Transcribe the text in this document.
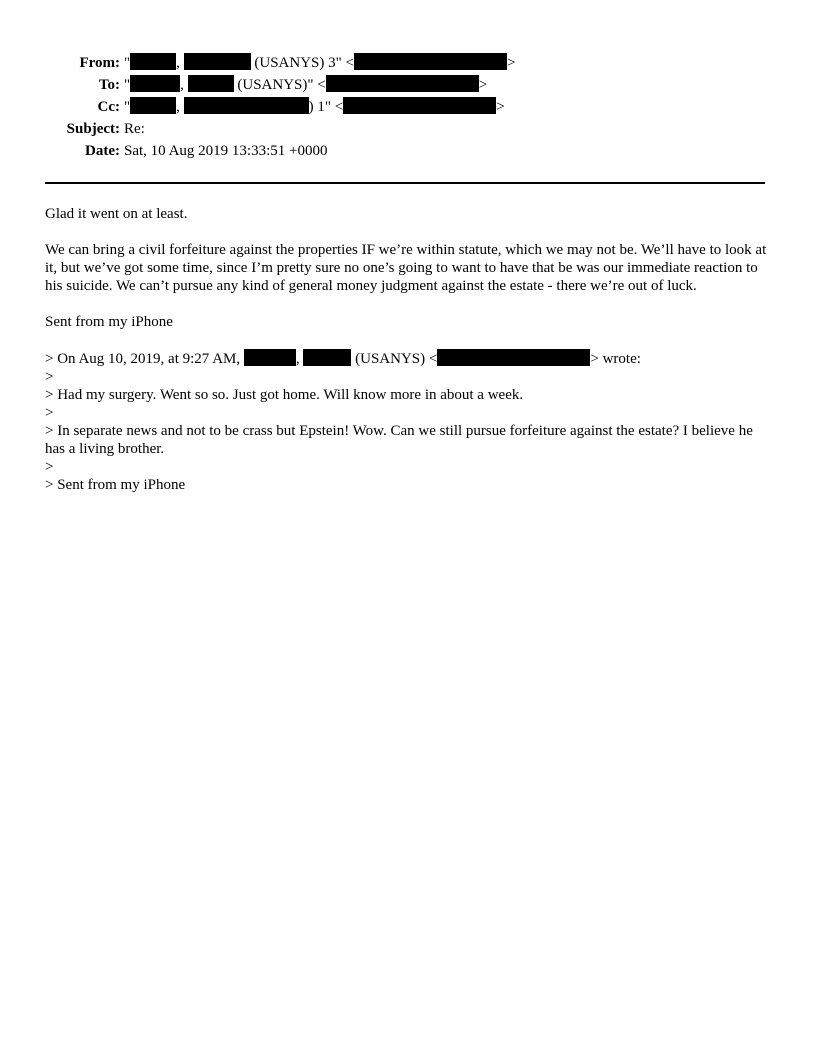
From: "	,	(USANYS) 3" <	>
To: "	,	(USANYS)" <	>
Cc: "	,	) 1" <	>
Subject: Re:
Date: Sat, 10 Aug 2019 13:33:51 +0000

Glad it went on at least.

We can bring a civil forfeiture against the properties IF we’re within statute, which we may not be. We’ll have to look at it, but we’ve got some time, since I’m pretty sure no one’s going to want to have that be was our immediate reaction to his suicide. We can’t pursue any kind of general money judgment against the estate - there we’re out of luck.

Sent from my iPhone

> On Aug 10, 2019, at 9:27 AM,	,	(USANYS) <	> wrote:
>
> Had my surgery. Went so so. Just got home. Will know more in about a week.
>
> In separate news and not to be crass but Epstein! Wow. Can we still pursue forfeiture against the estate? I believe he has a living brother.
>
> Sent from my iPhone
